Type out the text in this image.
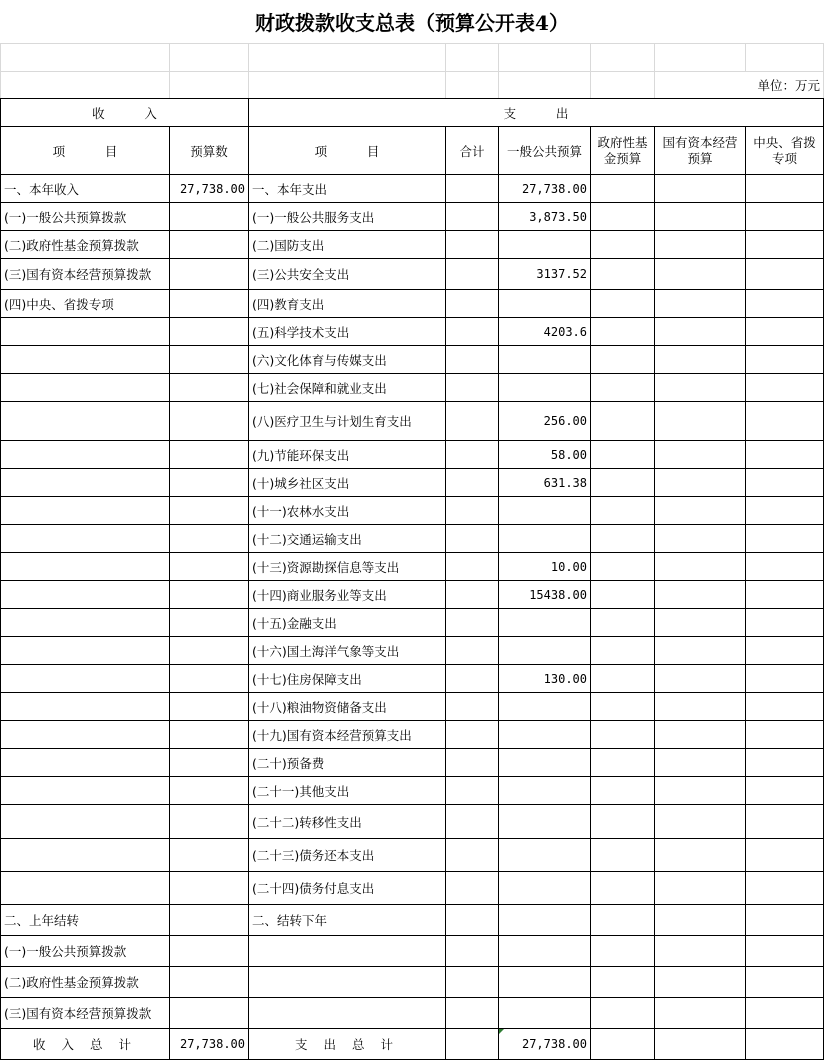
财政拨款收支总表（预算公开表4）

						单位：万元	
收          入		支          出					
项          目	预算数	项          目	合计	一般公共预算	政府性基金预算	国有资本经营预算	中央、省拨专项
一、本年收入	27,738.00	一、本年支出		27,738.00			
(一)一般公共预算拨款		(一)一般公共服务支出		3,873.50			
(二)政府性基金预算拨款		(二)国防支出					
(三)国有资本经营预算拨款		(三)公共安全支出		3137.52			
(四)中央、省拨专项		(四)教育支出					
		(五)科学技术支出		4203.6			
		(六)文化体育与传媒支出					
		(七)社会保障和就业支出					
		(八)医疗卫生与计划生育支出		256.00			
		(九)节能环保支出		58.00			
		(十)城乡社区支出		631.38			
		(十一)农林水支出					
		(十二)交通运输支出					
		(十三)资源勘探信息等支出		10.00			
		(十四)商业服务业等支出		15438.00			
		(十五)金融支出					
		(十六)国土海洋气象等支出					
		(十七)住房保障支出		130.00			
		(十八)粮油物资储备支出					
		(十九)国有资本经营预算支出					
		(二十)预备费					
		(二十一)其他支出					
		(二十二)转移性支出					
		(二十三)债务还本支出					
		(二十四)债务付息支出					
二、上年结转		二、结转下年					
(一)一般公共预算拨款							
(二)政府性基金预算拨款							
(三)国有资本经营预算拨款							
收 入 总 计	27,738.00	支 出 总 计		27,738.00			
